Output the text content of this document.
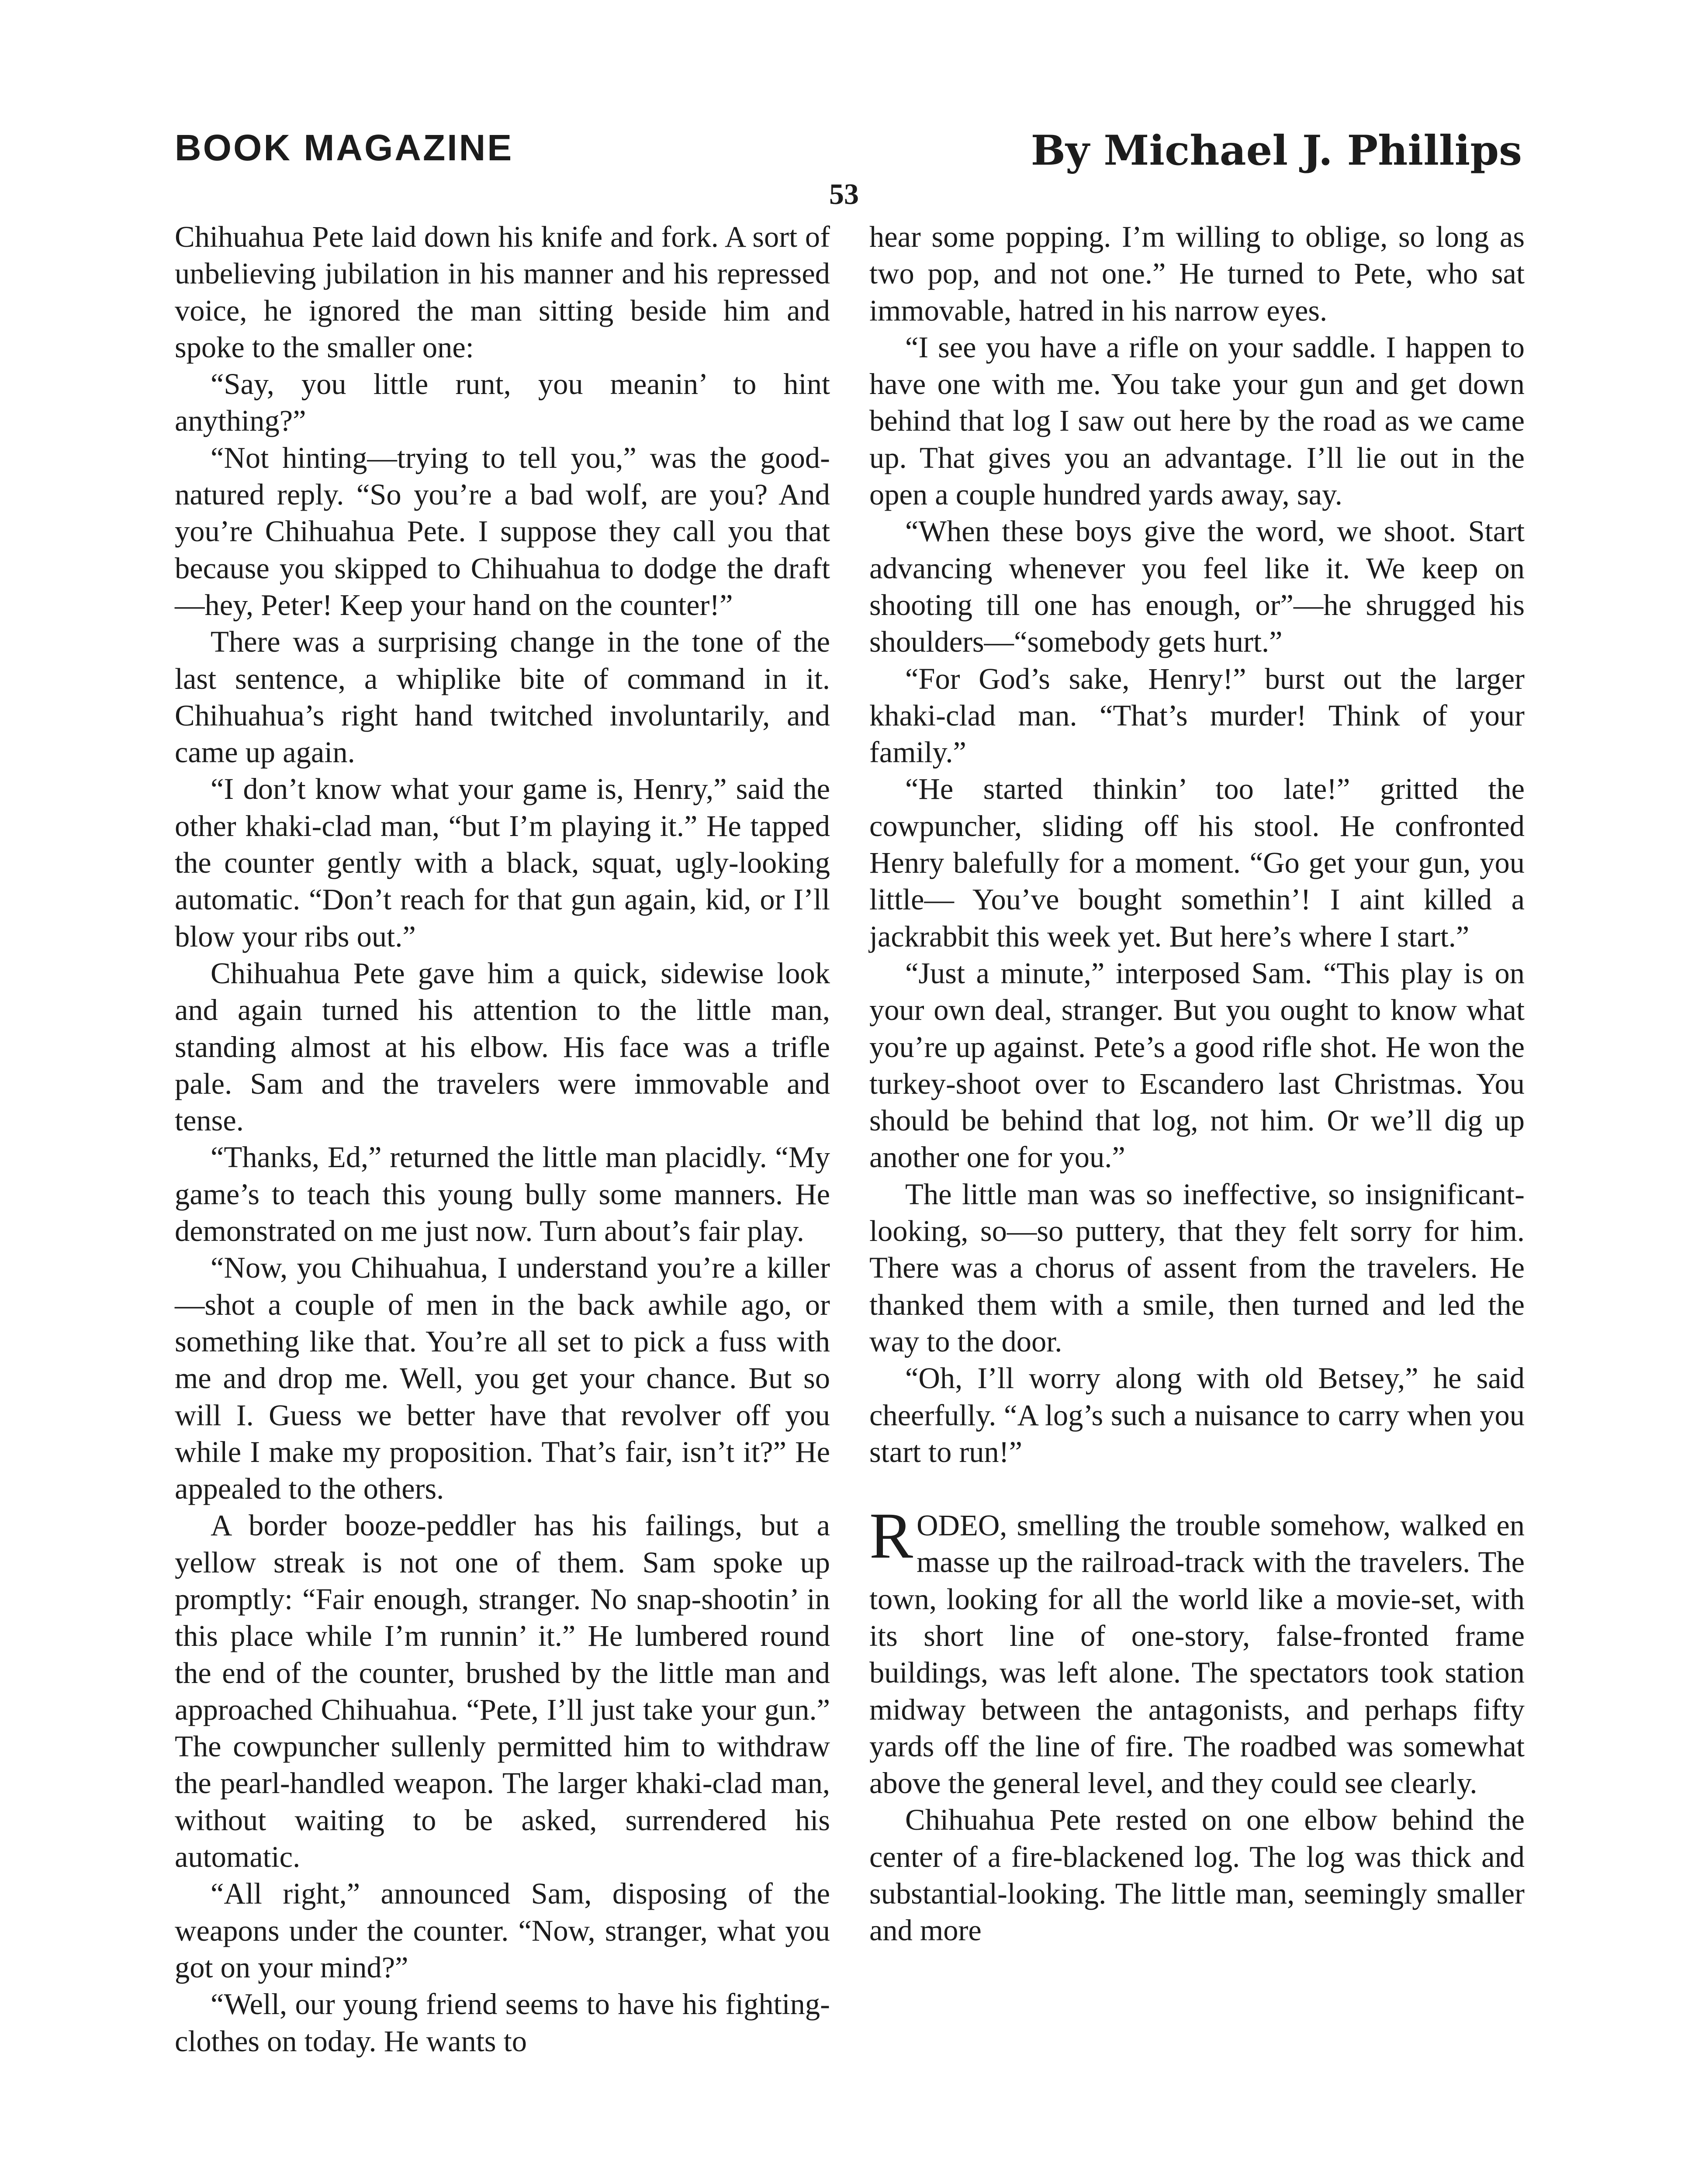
BOOK MAGAZINE	By Michael J. Phillips
53

Chihuahua Pete laid down his knife and fork. A sort of unbelieving jubilation in his manner and his repressed voice, he ignored the man sitting beside him and spoke to the smaller one:

“Say, you little runt, you meanin’ to hint anything?”

“Not hinting—trying to tell you,” was the good-natured reply. “So you’re a bad wolf, are you? And you’re Chihuahua Pete. I suppose they call you that because you skipped to Chihuahua to dodge the draft—hey, Peter! Keep your hand on the counter!”

There was a surprising change in the tone of the last sentence, a whiplike bite of command in it. Chihuahua’s right hand twitched involuntarily, and came up again.

“I don’t know what your game is, Henry,” said the other khaki-clad man, “but I’m playing it.” He tapped the counter gently with a black, squat, ugly-looking automatic. “Don’t reach for that gun again, kid, or I’ll blow your ribs out.”

Chihuahua Pete gave him a quick, sidewise look and again turned his attention to the little man, standing almost at his elbow. His face was a trifle pale. Sam and the travelers were immovable and tense.

“Thanks, Ed,” returned the little man placidly. “My game’s to teach this young bully some manners. He demonstrated on me just now. Turn about’s fair play.

“Now, you Chihuahua, I understand you’re a killer—shot a couple of men in the back awhile ago, or something like that. You’re all set to pick a fuss with me and drop me. Well, you get your chance. But so will I. Guess we better have that revolver off you while I make my proposition. That’s fair, isn’t it?” He appealed to the others.

A border booze-peddler has his failings, but a yellow streak is not one of them. Sam spoke up promptly: “Fair enough, stranger. No snap-shootin’ in this place while I’m runnin’ it.” He lumbered round the end of the counter, brushed by the little man and approached Chihuahua. “Pete, I’ll just take your gun.” The cowpuncher sullenly permitted him to withdraw the pearl-handled weapon. The larger khaki-clad man, without waiting to be asked, surrendered his automatic.

“All right,” announced Sam, disposing of the weapons under the counter. “Now, stranger, what you got on your mind?”

“Well, our young friend seems to have his fighting-clothes on today. He wants to

hear some popping. I’m willing to oblige, so long as two pop, and not one.” He turned to Pete, who sat immovable, hatred in his narrow eyes.

“I see you have a rifle on your saddle. I happen to have one with me. You take your gun and get down behind that log I saw out here by the road as we came up. That gives you an advantage. I’ll lie out in the open a couple hundred yards away, say.

“When these boys give the word, we shoot. Start advancing whenever you feel like it. We keep on shooting till one has enough, or”—he shrugged his shoulders—“somebody gets hurt.”

“For God’s sake, Henry!” burst out the larger khaki-clad man. “That’s murder! Think of your family.”

“He started thinkin’ too late!” gritted the cowpuncher, sliding off his stool. He confronted Henry balefully for a moment. “Go get your gun, you little— You’ve bought somethin’! I aint killed a jackrabbit this week yet. But here’s where I start.”

“Just a minute,” interposed Sam. “This play is on your own deal, stranger. But you ought to know what you’re up against. Pete’s a good rifle shot. He won the turkey-shoot over to Escandero last Christmas. You should be behind that log, not him. Or we’ll dig up another one for you.”

The little man was so ineffective, so insignificant-looking, so—so puttery, that they felt sorry for him. There was a chorus of assent from the travelers. He thanked them with a smile, then turned and led the way to the door.

“Oh, I’ll worry along with old Betsey,” he said cheerfully. “A log’s such a nuisance to carry when you start to run!”

RODEO, smelling the trouble somehow, walked en masse up the railroad-track with the travelers. The town, looking for all the world like a movie-set, with its short line of one-story, false-fronted frame buildings, was left alone. The spectators took station midway between the antagonists, and perhaps fifty yards off the line of fire. The roadbed was somewhat above the general level, and they could see clearly.

Chihuahua Pete rested on one elbow behind the center of a fire-blackened log. The log was thick and substantial-looking. The little man, seemingly smaller and more
